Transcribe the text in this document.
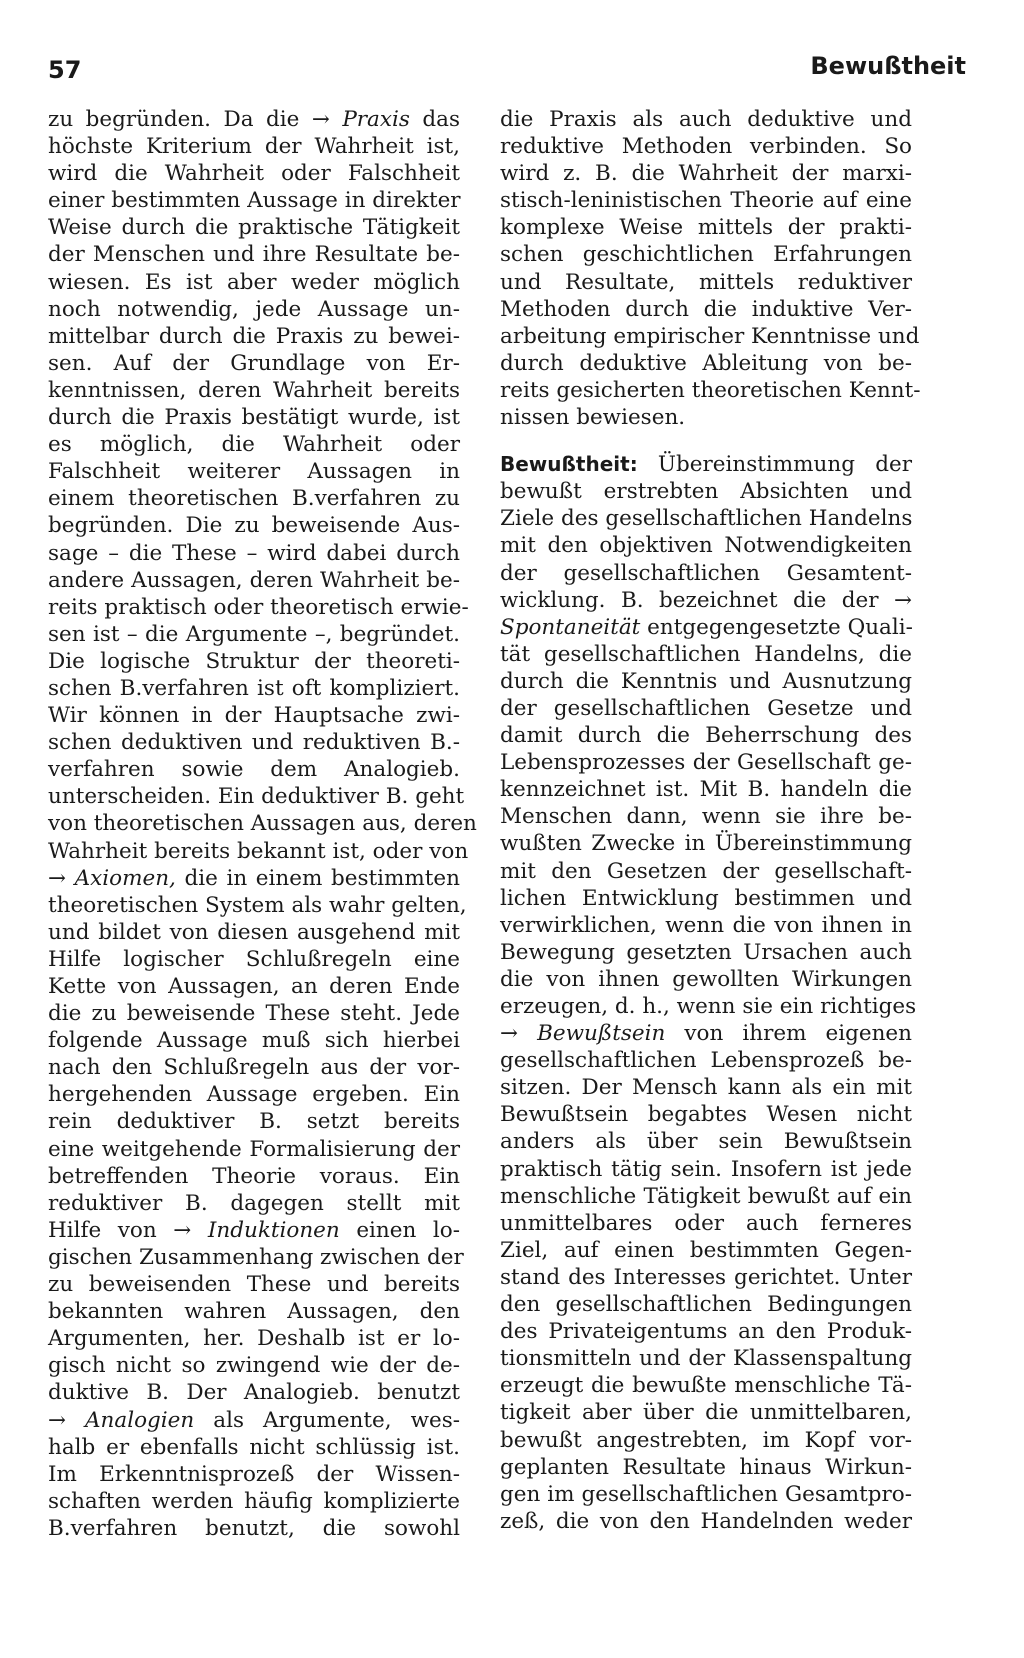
57	Bewußtheit
zu begründen. Da die → Praxis das
höchste Kriterium der Wahrheit ist,
wird die Wahrheit oder Falschheit
einer bestimmten Aussage in direkter
Weise durch die praktische Tätigkeit
der Menschen und ihre Resultate be-
wiesen. Es ist aber weder möglich
noch notwendig, jede Aussage un-
mittelbar durch die Praxis zu bewei-
sen. Auf der Grundlage von Er-
kenntnissen, deren Wahrheit bereits
durch die Praxis bestätigt wurde, ist
es möglich, die Wahrheit oder
Falschheit weiterer Aussagen in
einem theoretischen B.verfahren zu
begründen. Die zu beweisende Aus-
sage – die These – wird dabei durch
andere Aussagen, deren Wahrheit be-
reits praktisch oder theoretisch erwie-
sen ist – die Argumente –, begründet.
Die logische Struktur der theoreti-
schen B.verfahren ist oft kompliziert.
Wir können in der Hauptsache zwi-
schen deduktiven und reduktiven B.-
verfahren sowie dem Analogieb.
unterscheiden. Ein deduktiver B. geht
von theoretischen Aussagen aus, deren
Wahrheit bereits bekannt ist, oder von
→ Axiomen, die in einem bestimmten
theoretischen System als wahr gelten,
und bildet von diesen ausgehend mit
Hilfe logischer Schlußregeln eine
Kette von Aussagen, an deren Ende
die zu beweisende These steht. Jede
folgende Aussage muß sich hierbei
nach den Schlußregeln aus der vor-
hergehenden Aussage ergeben. Ein
rein deduktiver B. setzt bereits
eine weitgehende Formalisierung der
betreffenden Theorie voraus. Ein
reduktiver B. dagegen stellt mit
Hilfe von → Induktionen einen lo-
gischen Zusammenhang zwischen der
zu beweisenden These und bereits
bekannten wahren Aussagen, den
Argumenten, her. Deshalb ist er lo-
gisch nicht so zwingend wie der de-
duktive B. Der Analogieb. benutzt
→ Analogien als Argumente, wes-
halb er ebenfalls nicht schlüssig ist.
Im Erkenntnisprozeß der Wissen-
schaften werden häufig komplizierte
B.verfahren benutzt, die sowohl
die Praxis als auch deduktive und
reduktive Methoden verbinden. So
wird z. B. die Wahrheit der marxi-
stisch-leninistischen Theorie auf eine
komplexe Weise mittels der prakti-
schen geschichtlichen Erfahrungen
und Resultate, mittels reduktiver
Methoden durch die induktive Ver-
arbeitung empirischer Kenntnisse und
durch deduktive Ableitung von be-
reits gesicherten theoretischen Kennt-
nissen bewiesen.
Bewußtheit: Übereinstimmung der
bewußt erstrebten Absichten und
Ziele des gesellschaftlichen Handelns
mit den objektiven Notwendigkeiten
der gesellschaftlichen Gesamtent-
wicklung. B. bezeichnet die der →
Spontaneität entgegengesetzte Quali-
tät gesellschaftlichen Handelns, die
durch die Kenntnis und Ausnutzung
der gesellschaftlichen Gesetze und
damit durch die Beherrschung des
Lebensprozesses der Gesellschaft ge-
kennzeichnet ist. Mit B. handeln die
Menschen dann, wenn sie ihre be-
wußten Zwecke in Übereinstimmung
mit den Gesetzen der gesellschaft-
lichen Entwicklung bestimmen und
verwirklichen, wenn die von ihnen in
Bewegung gesetzten Ursachen auch
die von ihnen gewollten Wirkungen
erzeugen, d. h., wenn sie ein richtiges
→ Bewußtsein von ihrem eigenen
gesellschaftlichen Lebensprozeß be-
sitzen. Der Mensch kann als ein mit
Bewußtsein begabtes Wesen nicht
anders als über sein Bewußtsein
praktisch tätig sein. Insofern ist jede
menschliche Tätigkeit bewußt auf ein
unmittelbares oder auch ferneres
Ziel, auf einen bestimmten Gegen-
stand des Interesses gerichtet. Unter
den gesellschaftlichen Bedingungen
des Privateigentums an den Produk-
tionsmitteln und der Klassenspaltung
erzeugt die bewußte menschliche Tä-
tigkeit aber über die unmittelbaren,
bewußt angestrebten, im Kopf vor-
geplanten Resultate hinaus Wirkun-
gen im gesellschaftlichen Gesamtpro-
zeß, die von den Handelnden weder
